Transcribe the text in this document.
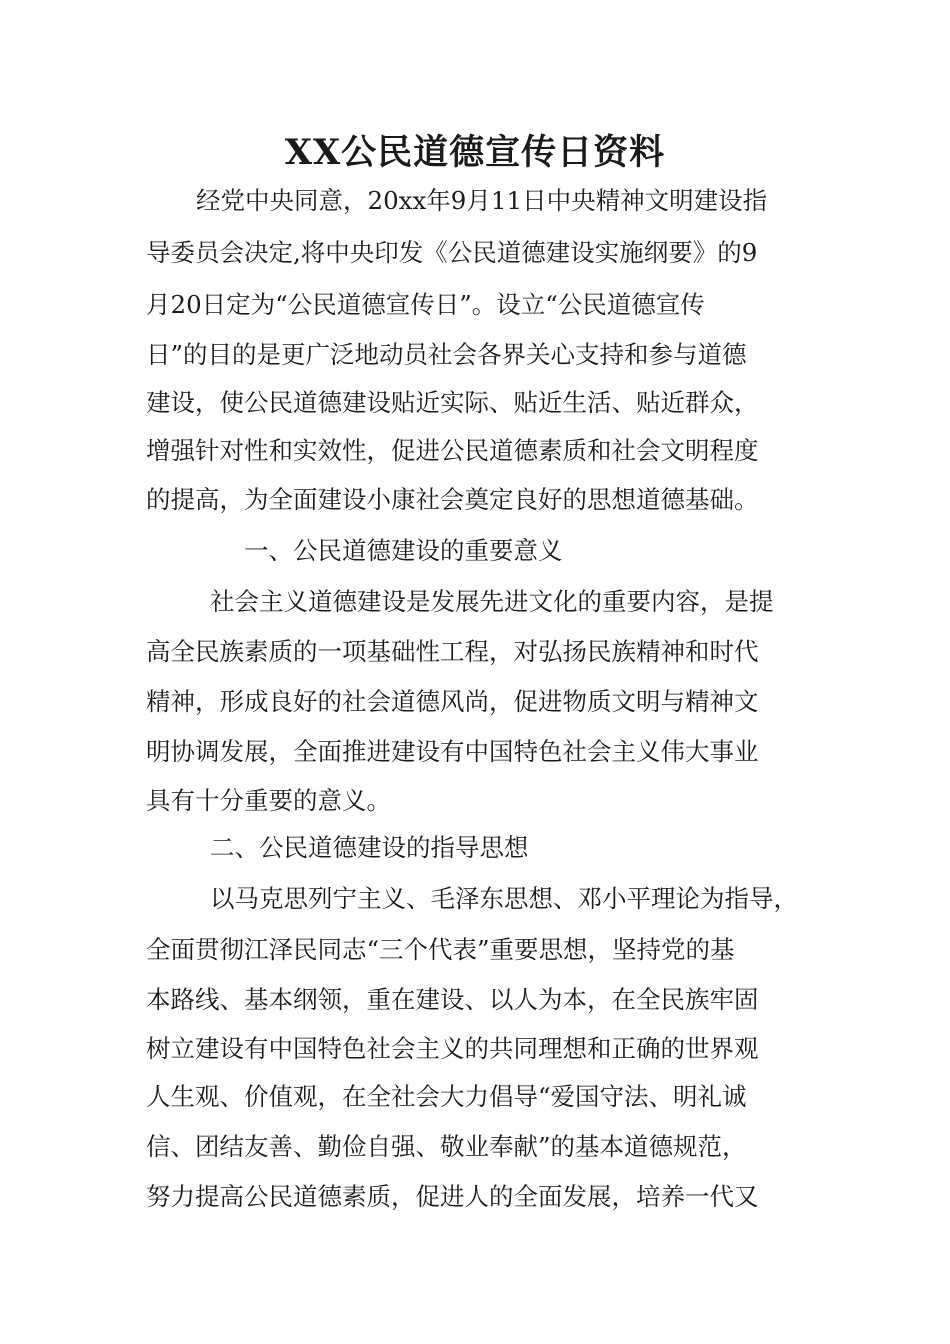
XX公民道德宣传日资料

经党中央同意，20xx年9月11日中央精神文明建设指

导委员会决定,将中央印发《公民道德建设实施纲要》的9

月20日定为“公民道德宣传日”。设立“公民道德宣传

日”的目的是更广泛地动员社会各界关心支持和参与道德

建设，使公民道德建设贴近实际、贴近生活、贴近群众，

增强针对性和实效性，促进公民道德素质和社会文明程度

的提高，为全面建设小康社会奠定良好的思想道德基础。

一、公民道德建设的重要意义

社会主义道德建设是发展先进文化的重要内容，是提

高全民族素质的一项基础性工程，对弘扬民族精神和时代

精神，形成良好的社会道德风尚，促进物质文明与精神文

明协调发展，全面推进建设有中国特色社会主义伟大事业

具有十分重要的意义。

二、公民道德建设的指导思想

以马克思列宁主义、毛泽东思想、邓小平理论为指导，

全面贯彻江泽民同志“三个代表”重要思想，坚持党的基

本路线、基本纲领，重在建设、以人为本，在全民族牢固

树立建设有中国特色社会主义的共同理想和正确的世界观

人生观、价值观，在全社会大力倡导“爱国守法、明礼诚

信、团结友善、勤俭自强、敬业奉献”的基本道德规范，

努力提高公民道德素质，促进人的全面发展，培养一代又
